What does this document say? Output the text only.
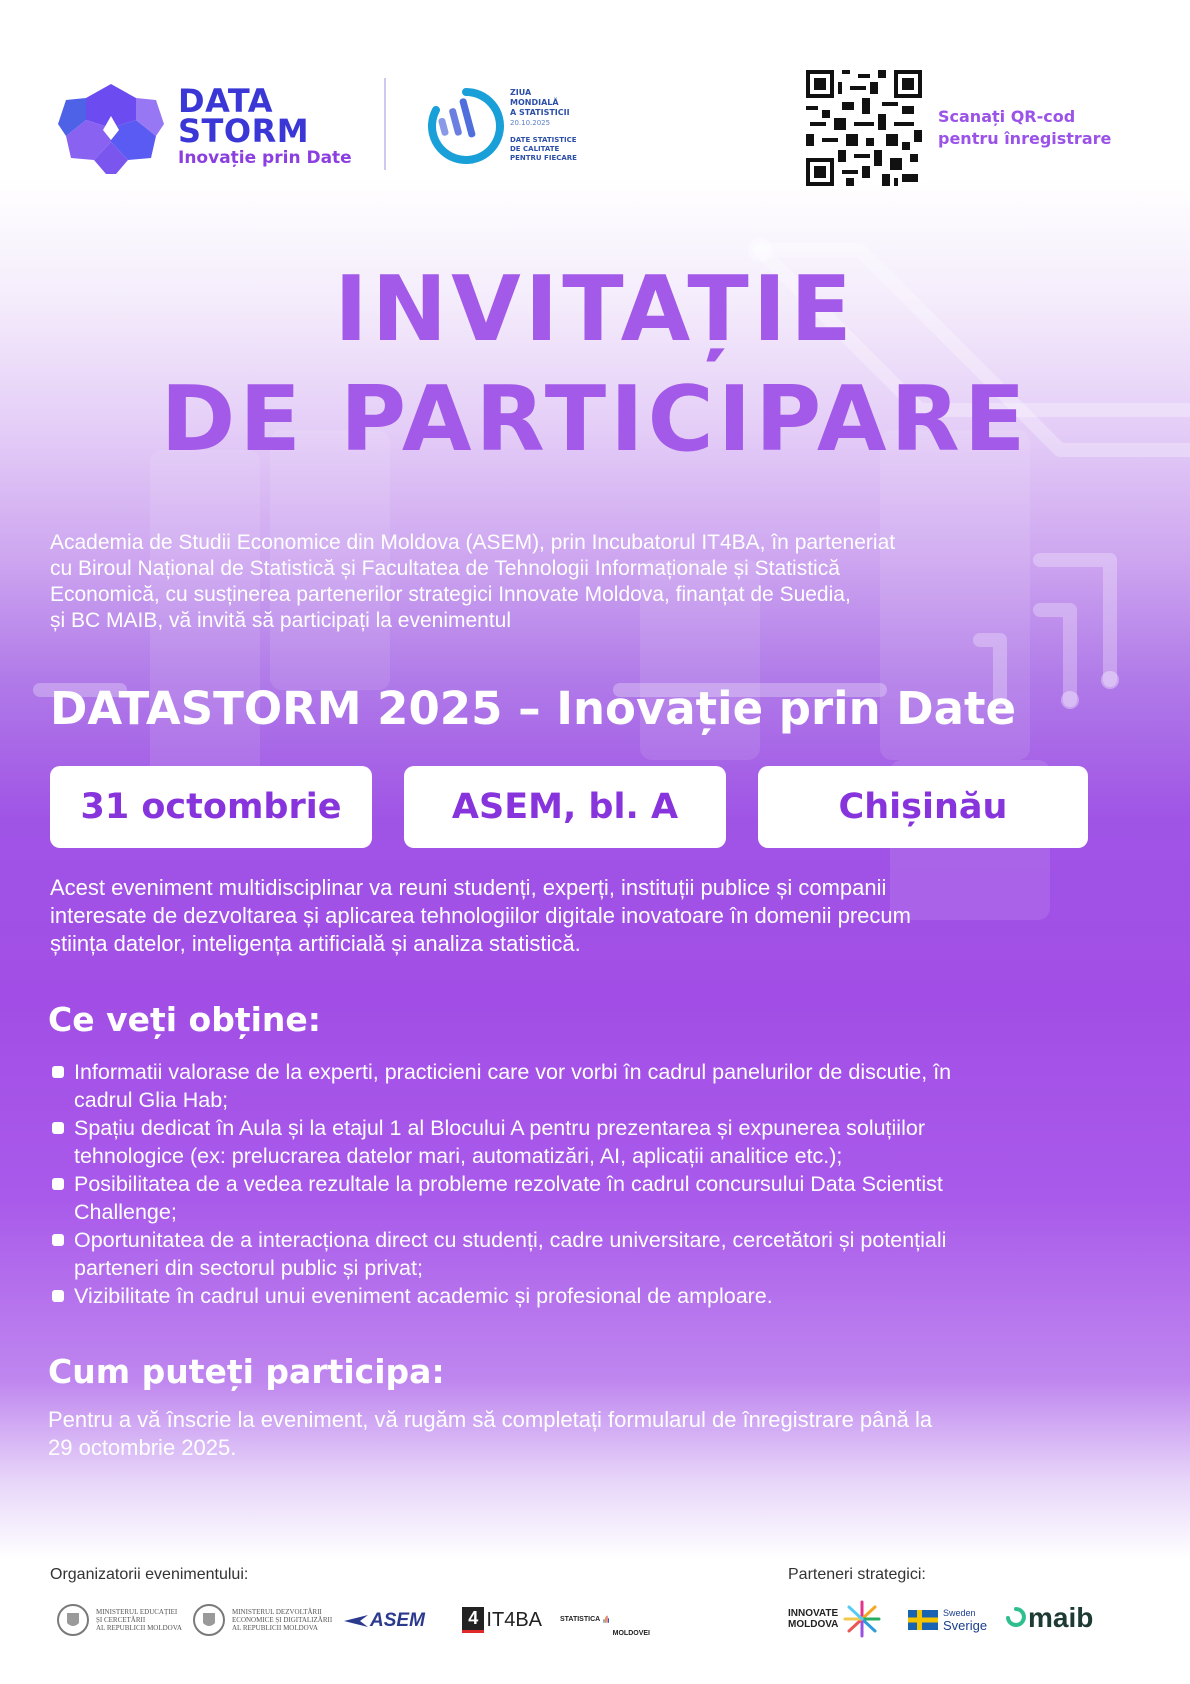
DATA
STORM
Inovație prin Date
ZIUA
MONDIALĂ
A STATISTICII
20.10.2025
DATE STATISTICE
DE CALITATE
PENTRU FIECARE
Scanați QR-cod
pentru înregistrare
INVITAȚIE
DE PARTICIPARE
Academia de Studii Economice din Moldova (ASEM), prin Incubatorul IT4BA, în parteneriat
cu Biroul Național de Statistică și Facultatea de Tehnologii Informaționale și Statistică
Economică, cu susținerea partenerilor strategici Innovate Moldova, finanțat de Suedia,
și BC MAIB, vă invită să participați la evenimentul
DATASTORM 2025 – Inovație prin Date
31 octombrie	ASEM, bl. A	Chișinău
Acest eveniment multidisciplinar va reuni studenți, experți, instituții publice și companii
interesate de dezvoltarea și aplicarea tehnologiilor digitale inovatoare în domenii precum
știința datelor, inteligența artificială și analiza statistică.
Ce veți obține:
Informatii valorase de la experti, practicieni care vor vorbi în cadrul panelurilor de discutie, în
cadrul Glia Hab;
Spațiu dedicat în Aula și la etajul 1 al Blocului A pentru prezentarea și expunerea soluțiilor
tehnologice (ex: prelucrarea datelor mari, automatizări, AI, aplicații analitice etc.);
Posibilitatea de a vedea rezultale la probleme rezolvate în cadrul concursului Data Scientist
Challenge;
Oportunitatea de a interacționa direct cu studenți, cadre universitare, cercetători și potențiali
parteneri din sectorul public și privat;
Vizibilitate în cadrul unui eveniment academic și profesional de amploare.
Cum puteți participa:
Pentru a vă înscrie la eveniment, vă rugăm să completați formularul de înregistrare până la
29 octombrie 2025.
Organizatorii evenimentului:	Parteneri strategici:
MINISTERUL EDUCAȚIEI
ȘI CERCETĂRII
AL REPUBLICII MOLDOVA
MINISTERUL DEZVOLTĂRII
ECONOMICE ȘI DIGITALIZĂRII
AL REPUBLICII MOLDOVA	ASEM 4 IT4BA	STATISTICA
MOLDOVEI
INNOVATE
MOLDOVA
Sweden
Sverige maib
